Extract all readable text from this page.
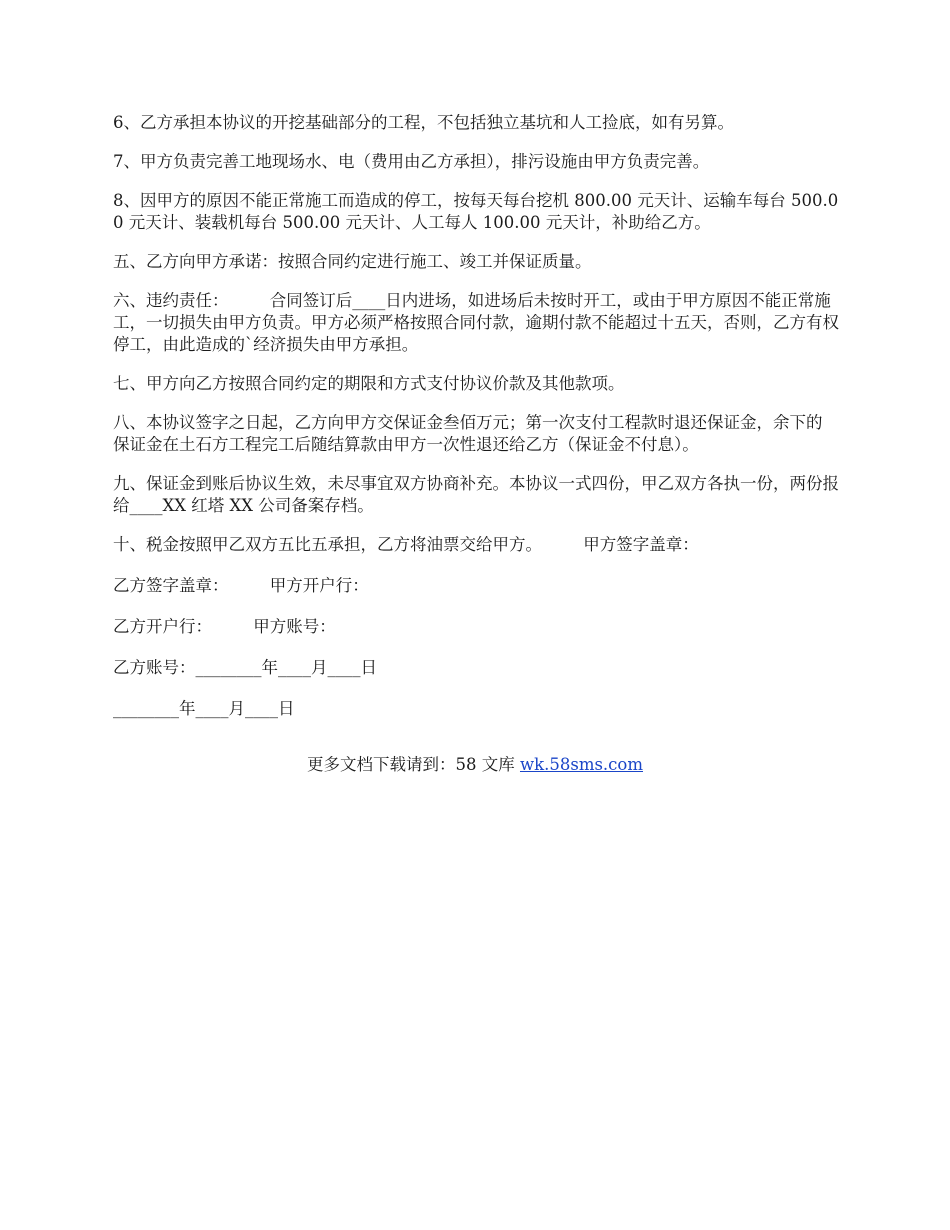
6、乙方承担本协议的开挖基础部分的工程，不包括独立基坑和人工捡底，如有另算。

7、甲方负责完善工地现场水、电（费用由乙方承担），排污设施由甲方负责完善。

8、因甲方的原因不能正常施工而造成的停工，按每天每台挖机 800.00 元天计、运输车每台 500.00 元天计、装载机每台 500.00 元天计、人工每人 100.00 元天计，补助给乙方。

五、乙方向甲方承诺：按照合同约定进行施工、竣工并保证质量。

六、违约责任：　　　合同签订后____日内进场，如进场后未按时开工，或由于甲方原因不能正常施工，一切损失由甲方负责。甲方必须严格按照合同付款，逾期付款不能超过十五天，否则，乙方有权停工，由此造成的`经济损失由甲方承担。

七、甲方向乙方按照合同约定的期限和方式支付协议价款及其他款项。

八、本协议签字之日起，乙方向甲方交保证金叁佰万元；第一次支付工程款时退还保证金，余下的 保证金在土石方工程完工后随结算款由甲方一次性退还给乙方（保证金不付息）。

九、保证金到账后协议生效，未尽事宜双方协商补充。本协议一式四份，甲乙双方各执一份，两份报给____XX 红塔 XX 公司备案存档。

十、税金按照甲乙双方五比五承担，乙方将油票交给甲方。　　　甲方签字盖章：

乙方签字盖章：　　　甲方开户行：

乙方开户行：　　　甲方账号：

乙方账号：________年____月____日

________年____月____日

更多文档下载请到：58 文库 wk.58sms.com
